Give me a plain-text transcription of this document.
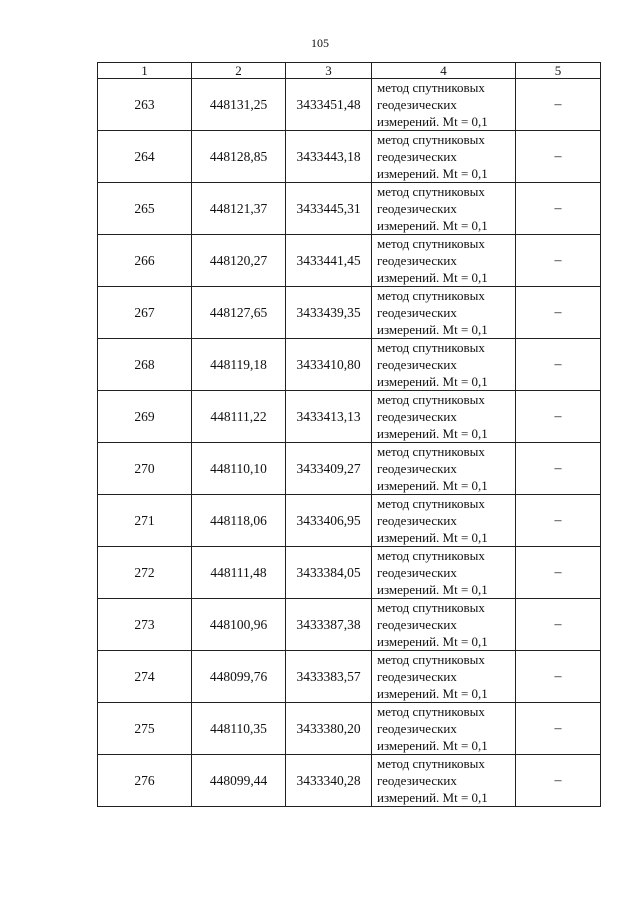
105
1	2	3	4	5
263	448131,25	3433451,48	метод спутниковых
геодезических
измерений. Mt = 0,1	–
264	448128,85	3433443,18	метод спутниковых
геодезических
измерений. Mt = 0,1	–
265	448121,37	3433445,31	метод спутниковых
геодезических
измерений. Mt = 0,1	–
266	448120,27	3433441,45	метод спутниковых
геодезических
измерений. Mt = 0,1	–
267	448127,65	3433439,35	метод спутниковых
геодезических
измерений. Mt = 0,1	–
268	448119,18	3433410,80	метод спутниковых
геодезических
измерений. Mt = 0,1	–
269	448111,22	3433413,13	метод спутниковых
геодезических
измерений. Mt = 0,1	–
270	448110,10	3433409,27	метод спутниковых
геодезических
измерений. Mt = 0,1	–
271	448118,06	3433406,95	метод спутниковых
геодезических
измерений. Mt = 0,1	–
272	448111,48	3433384,05	метод спутниковых
геодезических
измерений. Mt = 0,1	–
273	448100,96	3433387,38	метод спутниковых
геодезических
измерений. Mt = 0,1	–
274	448099,76	3433383,57	метод спутниковых
геодезических
измерений. Mt = 0,1	–
275	448110,35	3433380,20	метод спутниковых
геодезических
измерений. Mt = 0,1	–
276	448099,44	3433340,28	метод спутниковых
геодезических
измерений. Mt = 0,1	–
